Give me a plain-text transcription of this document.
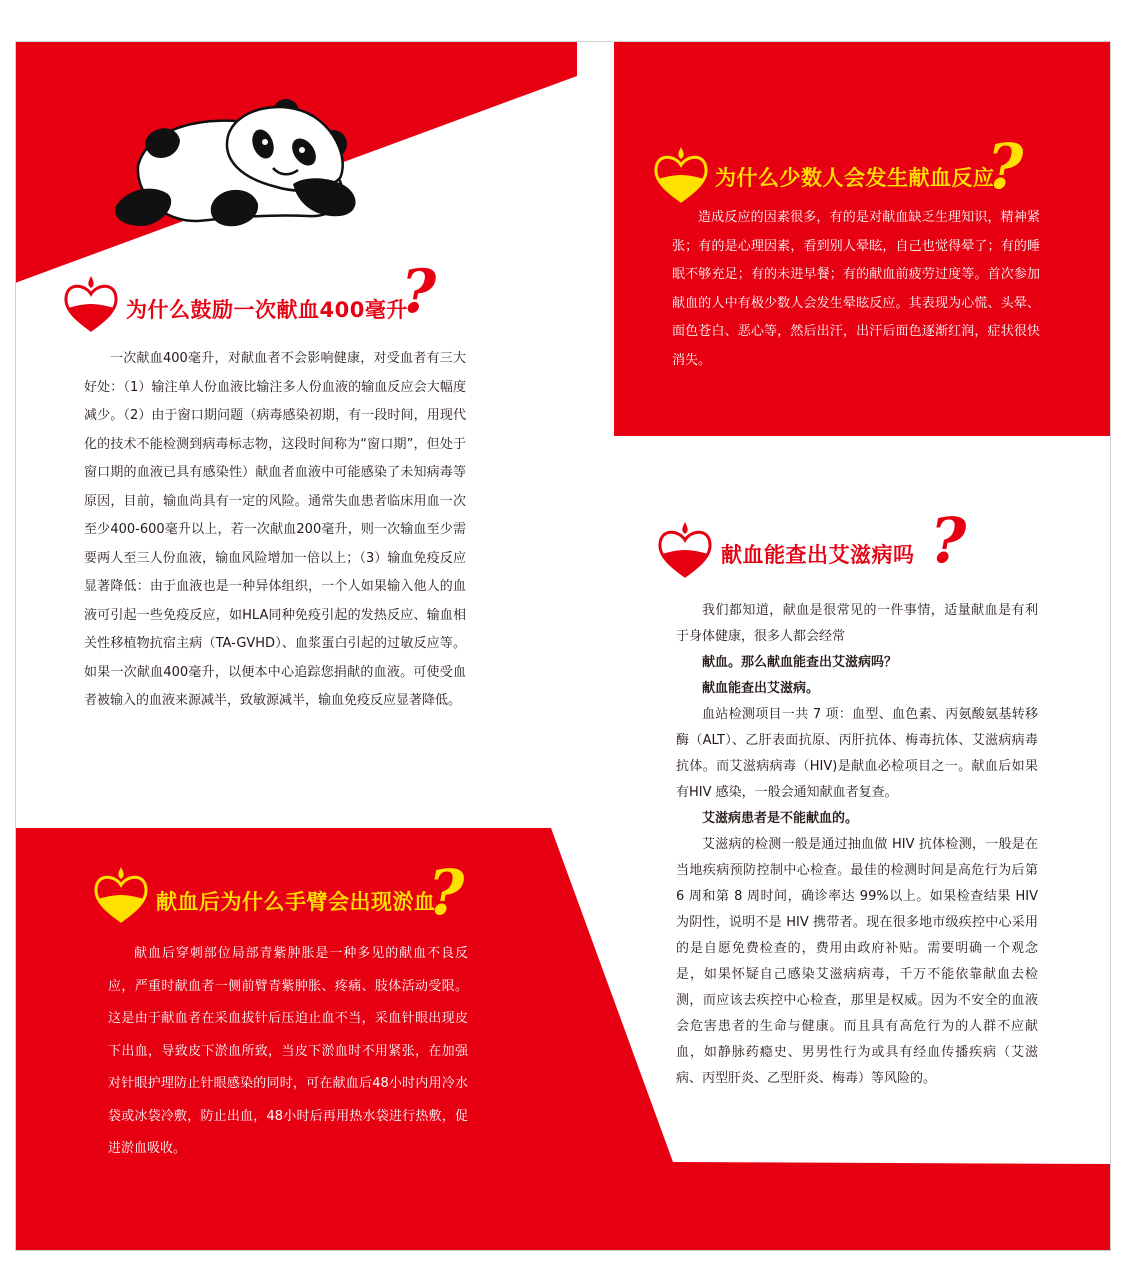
为什么鼓励一次献血400毫升
?

一次献血400毫升，对献血者不会影响健康，对受血者有三大好处：（1）输注单人份血液比输注多人份血液的输血反应会大幅度减少。（2）由于窗口期问题（病毒感染初期，有一段时间，用现代化的技术不能检测到病毒标志物，这段时间称为“窗口期”，但处于窗口期的血液已具有感染性）献血者血液中可能感染了未知病毒等原因，目前，输血尚具有一定的风险。通常失血患者临床用血一次至少400-600毫升以上，若一次献血200毫升，则一次输血至少需要两人至三人份血液，输血风险增加一倍以上；（3）输血免疫反应显著降低：由于血液也是一种异体组织，一个人如果输入他人的血液可引起一些免疫反应，如HLA同种免疫引起的发热反应、输血相关性移植物抗宿主病（TA-GVHD）、血浆蛋白引起的过敏反应等。如果一次献血400毫升，以便本中心追踪您捐献的血液。可使受血者被输入的血液来源减半，致敏源减半，输血免疫反应显著降低。

为什么少数人会发生献血反应
?

造成反应的因素很多，有的是对献血缺乏生理知识，精神紧张；有的是心理因素，看到别人晕眩，自己也觉得晕了；有的睡眠不够充足；有的未进早餐；有的献血前疲劳过度等。首次参加献血的人中有极少数人会发生晕眩反应。其表现为心慌、头晕、面色苍白、恶心等，然后出汗，出汗后面色逐渐红润，症状很快消失。

献血能查出艾滋病吗 ?

我们都知道，献血是很常见的一件事情，适量献血是有利于身体健康，很多人都会经常

献血。那么献血能查出艾滋病吗？

献血能查出艾滋病。

血站检测项目一共 7 项：血型、血色素、丙氨酸氨基转移酶（ALT）、乙肝表面抗原、丙肝抗体、梅毒抗体、艾滋病病毒抗体。而艾滋病病毒（HIV)是献血必检项目之一。献血后如果有HIV 感染，一般会通知献血者复查。

艾滋病患者是不能献血的。

艾滋病的检测一般是通过抽血做 HIV 抗体检测，一般是在当地疾病预防控制中心检查。最佳的检测时间是高危行为后第 6 周和第 8 周时间，确诊率达 99%以上。如果检查结果 HIV 为阴性，说明不是 HIV 携带者。现在很多地市级疾控中心采用的是自愿免费检查的，费用由政府补贴。需要明确一个观念是，如果怀疑自己感染艾滋病病毒，千万不能依靠献血去检测，而应该去疾控中心检查，那里是权威。因为不安全的血液会危害患者的生命与健康。而且具有高危行为的人群不应献血，如静脉药瘾史、男男性行为或具有经血传播疾病（艾滋病、丙型肝炎、乙型肝炎、梅毒）等风险的。

献血后为什么手臂会出现淤血
?

献血后穿刺部位局部青紫肿胀是一种多见的献血不良反应，严重时献血者一侧前臂青紫肿胀、疼痛、肢体活动受限。这是由于献血者在采血拔针后压迫止血不当，采血针眼出现皮下出血，导致皮下淤血所致，当皮下淤血时不用紧张，在加强对针眼护理防止针眼感染的同时，可在献血后48小时内用冷水袋或冰袋冷敷，防止出血，48小时后再用热水袋进行热敷，促进淤血吸收。
